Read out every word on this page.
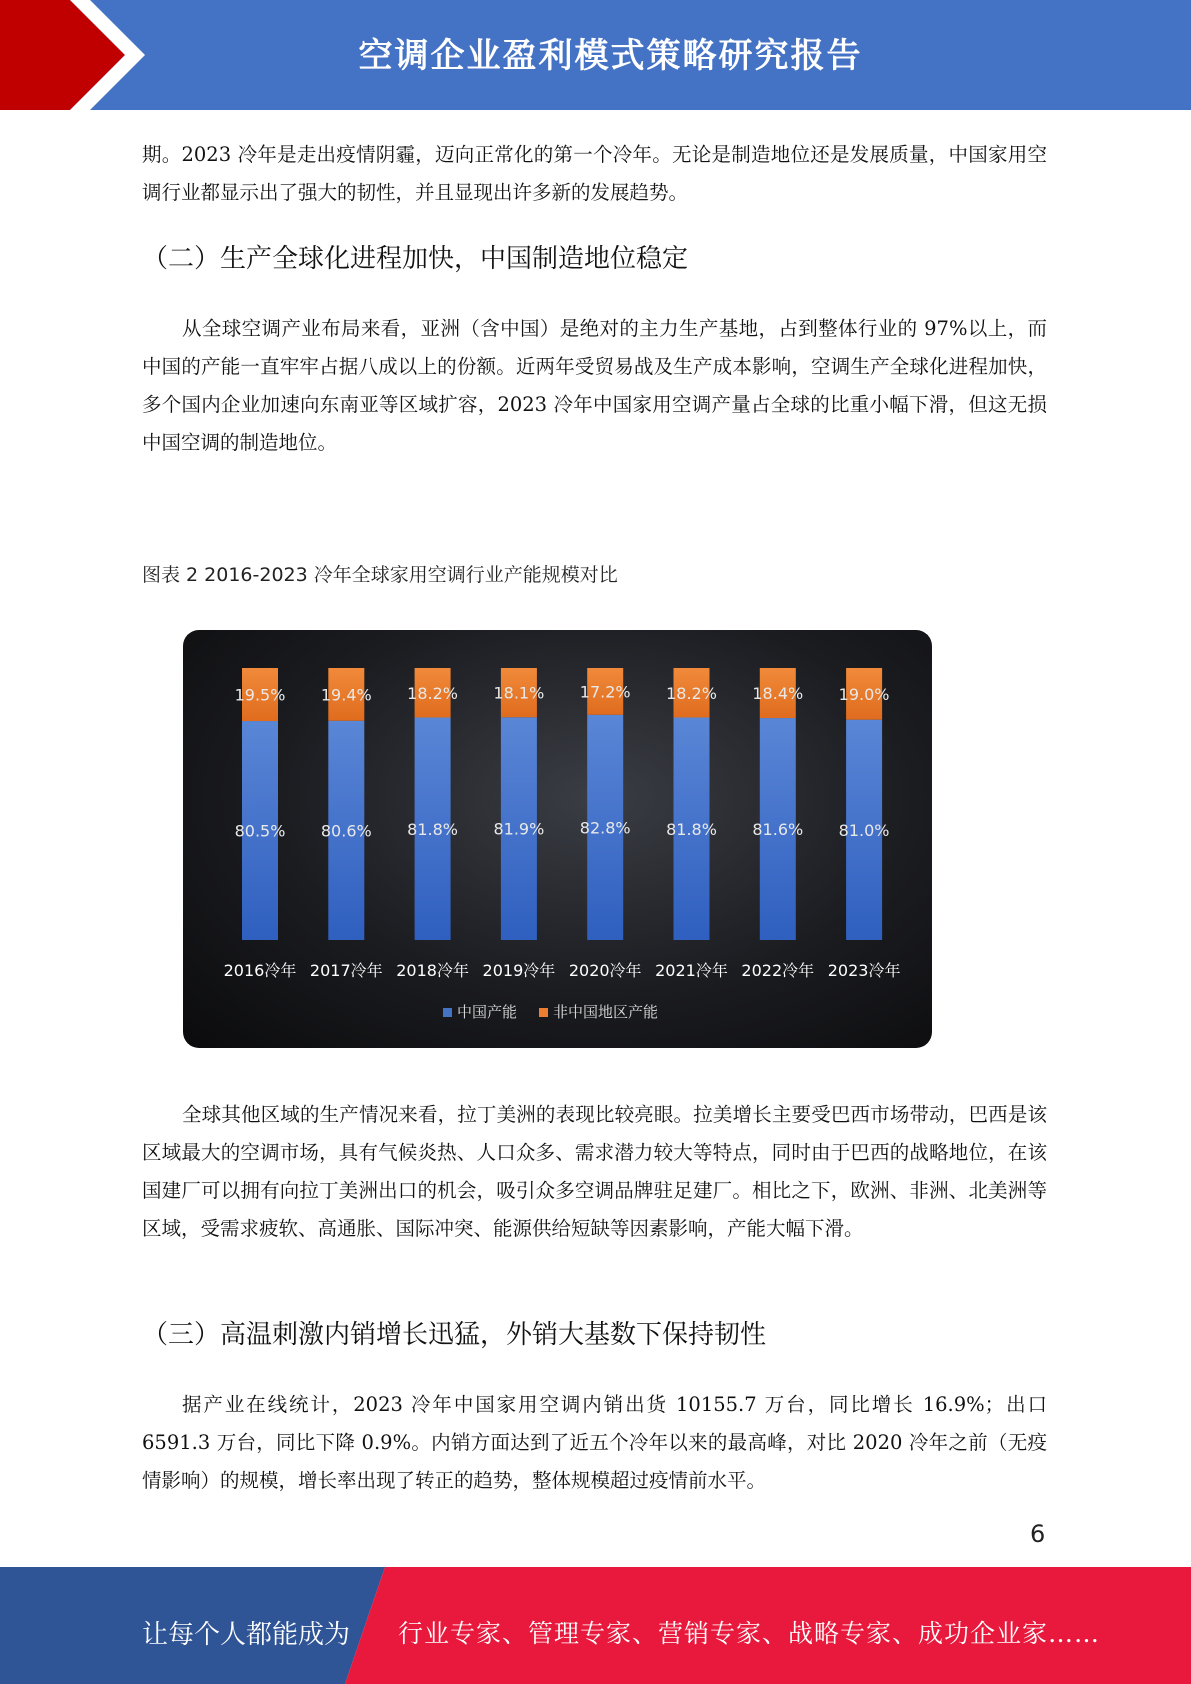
空调企业盈利模式策略研究报告
期。2023 冷年是走出疫情阴霾，迈向正常化的第一个冷年。无论是制造地位还是发展质量，中国家用空调行业都显示出了强大的韧性，并且显现出许多新的发展趋势。
（二）生产全球化进程加快，中国制造地位稳定
从全球空调产业布局来看，亚洲（含中国）是绝对的主力生产基地，占到整体行业的 97%以上，而中国的产能一直牢牢占据八成以上的份额。近两年受贸易战及生产成本影响，空调生产全球化进程加快，多个国内企业加速向东南亚等区域扩容，2023 冷年中国家用空调产量占全球的比重小幅下滑，但这无损中国空调的制造地位。
图表 2 2016-2023 冷年全球家用空调行业产能规模对比
80.5%
19.5%
2016冷年
80.6%
19.4%
2017冷年
81.8%
18.2%
2018冷年
81.9%
18.1%
2019冷年
82.8%
17.2%
2020冷年
81.8%
18.2%
2021冷年
81.6%
18.4%
2022冷年
81.0%
19.0%
2023冷年
中国产能 非中国地区产能
全球其他区域的生产情况来看，拉丁美洲的表现比较亮眼。拉美增长主要受巴西市场带动，巴西是该区域最大的空调市场，具有气候炎热、人口众多、需求潜力较大等特点，同时由于巴西的战略地位，在该国建厂可以拥有向拉丁美洲出口的机会，吸引众多空调品牌驻足建厂。相比之下，欧洲、非洲、北美洲等区域，受需求疲软、高通胀、国际冲突、能源供给短缺等因素影响，产能大幅下滑。
（三）高温刺激内销增长迅猛，外销大基数下保持韧性
据产业在线统计，2023 冷年中国家用空调内销出货 10155.7 万台，同比增长 16.9%；出口 6591.3 万台，同比下降 0.9%。内销方面达到了近五个冷年以来的最高峰，对比 2020 冷年之前（无疫情影响）的规模，增长率出现了转正的趋势，整体规模超过疫情前水平。
6
让每个人都能成为 行业专家、管理专家、营销专家、战略专家、成功企业家……
